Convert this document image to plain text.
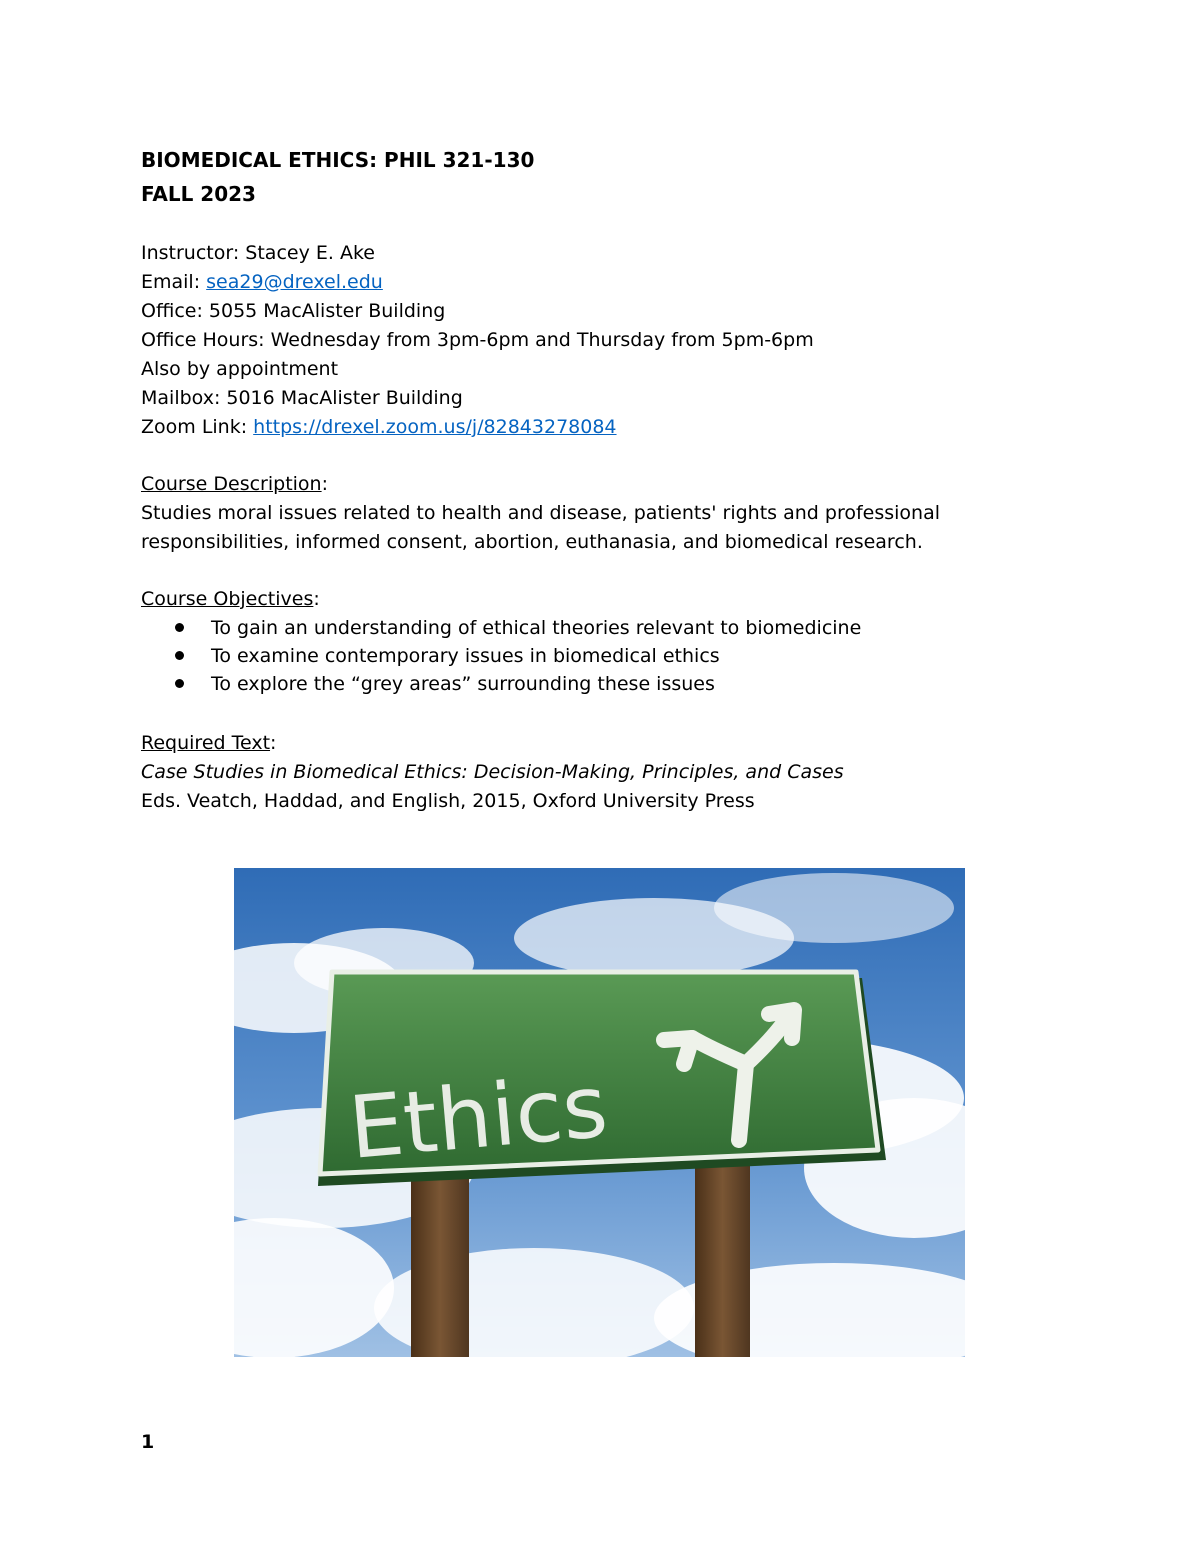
BIOMEDICAL ETHICS: PHIL 321-130
FALL 2023
Instructor: Stacey E. Ake
Email: sea29@drexel.edu
Office: 5055 MacAlister Building
Office Hours: Wednesday from 3pm-6pm and Thursday from 5pm-6pm
Also by appointment
Mailbox: 5016 MacAlister Building
Zoom Link: https://drexel.zoom.us/j/82843278084
Course Description:
Studies moral issues related to health and disease, patients' rights and professional
responsibilities, informed consent, abortion, euthanasia, and biomedical research.
Course Objectives:
To gain an understanding of ethical theories relevant to biomedicine
To examine contemporary issues in biomedical ethics
To explore the “grey areas” surrounding these issues
Required Text:
Case Studies in Biomedical Ethics: Decision-Making, Principles, and Cases
Eds. Veatch, Haddad, and English, 2015, Oxford University Press
Ethics
1
